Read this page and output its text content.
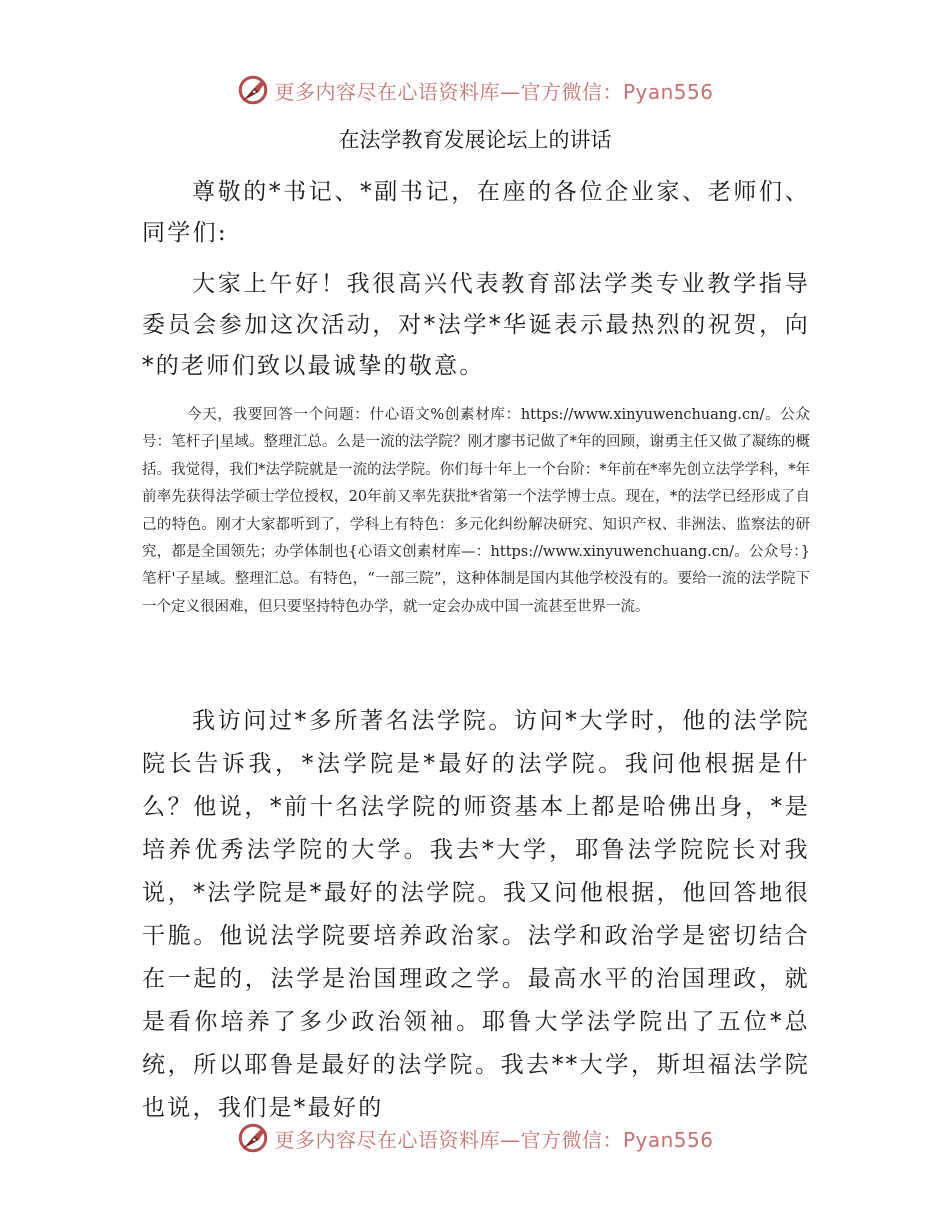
更多内容尽在心语资料库—官方微信：Pyan556
在法学教育发展论坛上的讲话

尊敬的*书记、*副书记，在座的各位企业家、老师们、同学们:

大家上午好！我很高兴代表教育部法学类专业教学指导委员会参加这次活动，对*法学*华诞表示最热烈的祝贺，向*的老师们致以最诚挚的敬意。

今天，我要回答一个问题：什心语文%创素材库：https://www.xinyuwenchuang.cn/。公众号：笔杆子|星域。整理汇总。么是一流的法学院？刚才廖书记做了*年的回顾，谢勇主任又做了凝练的概括。我觉得，我们*法学院就是一流的法学院。你们每十年上一个台阶：*年前在*率先创立法学学科，*年前率先获得法学硕士学位授权，20年前又率先获批*省第一个法学博士点。现在，*的法学已经形成了自己的特色。刚才大家都听到了，学科上有特色：多元化纠纷解决研究、知识产权、非洲法、监察法的研究，都是全国领先；办学体制也{心语文创素材库—：https://www.xinyuwenchuang.cn/。公众号：}笔杆'子星域。整理汇总。有特色，“一部三院”，这种体制是国内其他学校没有的。要给一流的法学院下一个定义很困难，但只要坚持特色办学，就一定会办成中国一流甚至世界一流。

我访问过*多所著名法学院。访问*大学时，他的法学院院长告诉我，*法学院是*最好的法学院。我问他根据是什么？他说，*前十名法学院的师资基本上都是哈佛出身，*是培养优秀法学院的大学。我去*大学，耶鲁法学院院长对我说，*法学院是*最好的法学院。我又问他根据，他回答地很干脆。他说法学院要培养政治家。法学和政治学是密切结合在一起的，法学是治国理政之学。最高水平的治国理政，就是看你培养了多少政治领袖。耶鲁大学法学院出了五位*总统，所以耶鲁是最好的法学院。我去**大学，斯坦福法学院也说，我们是*最好的

更多内容尽在心语资料库—官方微信：Pyan556
